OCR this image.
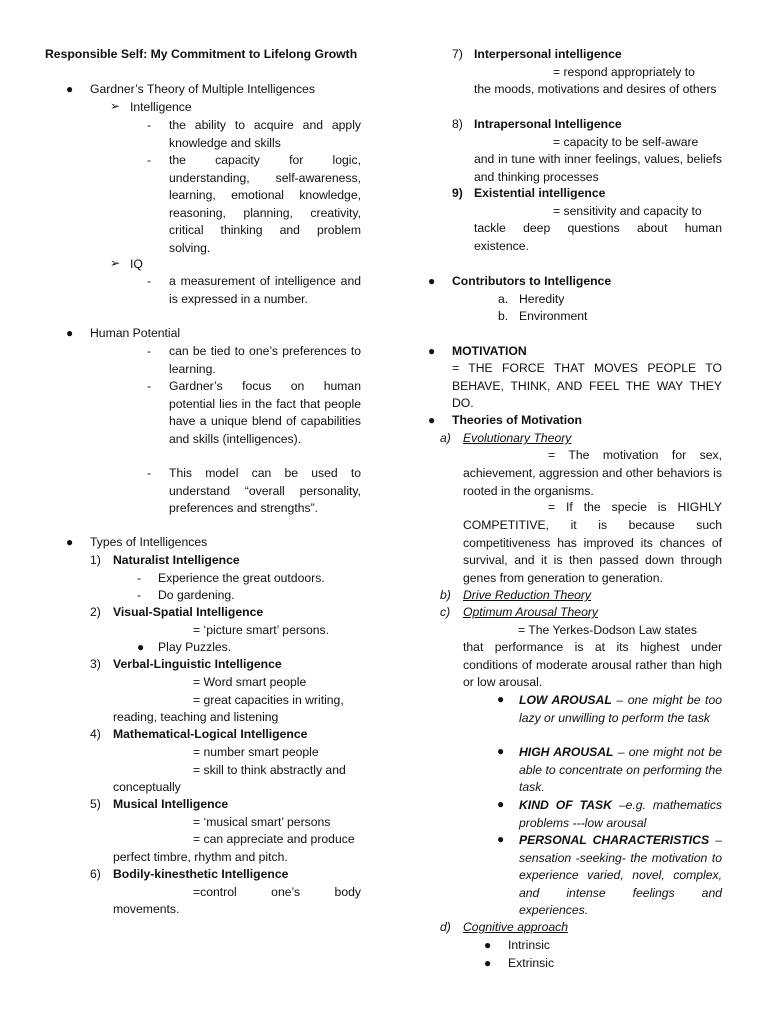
Responsible Self: My Commitment to Lifelong Growth
● Gardner’s Theory of Multiple Intelligences
➢ Intelligence
- the ability to acquire and apply knowledge and skills
- the capacity for logic, understanding, self-awareness, learning, emotional knowledge, reasoning, planning, creativity, critical thinking and problem solving.
➢ IQ
- a measurement of intelligence and is expressed in a number.
● Human Potential
- can be tied to one’s preferences to learning.
- Gardner’s focus on human potential lies in the fact that people have a unique blend of capabilities and skills (intelligences).
- This model can be used to understand “overall personality, preferences and strengths”.
● Types of Intelligences
1) Naturalist Intelligence
- Experience the great outdoors.
- Do gardening.
2) Visual-Spatial Intelligence
= ‘picture smart’ persons.
● Play Puzzles.
3) Verbal-Linguistic Intelligence
= Word smart people
= great capacities in writing,
reading, teaching and listening
4) Mathematical-Logical Intelligence
= number smart people
= skill to think abstractly and
conceptually
5) Musical Intelligence
= ‘musical smart’ persons
= can appreciate and produce
perfect timbre, rhythm and pitch.
6) Bodily-kinesthetic Intelligence
=control one’s body
movements.
7) Interpersonal intelligence
= respond appropriately to
the moods, motivations and desires of others
8) Intrapersonal Intelligence
= capacity to be self-aware
and in tune with inner feelings, values, beliefs and thinking processes
9) Existential intelligence
= sensitivity and capacity to
tackle deep questions about human existence.
● Contributors to Intelligence
a. Heredity
b. Environment
● MOTIVATION
= THE FORCE THAT MOVES PEOPLE TO BEHAVE, THINK, AND FEEL THE WAY THEY DO.
● Theories of Motivation
a) Evolutionary Theory
= The motivation for sex,
achievement, aggression and other behaviors is rooted in the organisms.
= If the specie is HIGHLY
COMPETITIVE, it is because such competitiveness has improved its chances of survival, and it is then passed down through genes from generation to generation.
b) Drive Reduction Theory
c) Optimum Arousal Theory
= The Yerkes-Dodson Law states
that performance is at its highest under conditions of moderate arousal rather than high or low arousal.
● LOW AROUSAL – one might be too lazy or unwilling to perform the task
● HIGH AROUSAL – one might not be able to concentrate on performing the task.
● KIND OF TASK –e.g. mathematics problems ---low arousal
● PERSONAL CHARACTERISTICS – sensation -seeking- the motivation to experience varied, novel, complex, and intense feelings and experiences.
d) Cognitive approach
● Intrinsic
● Extrinsic
